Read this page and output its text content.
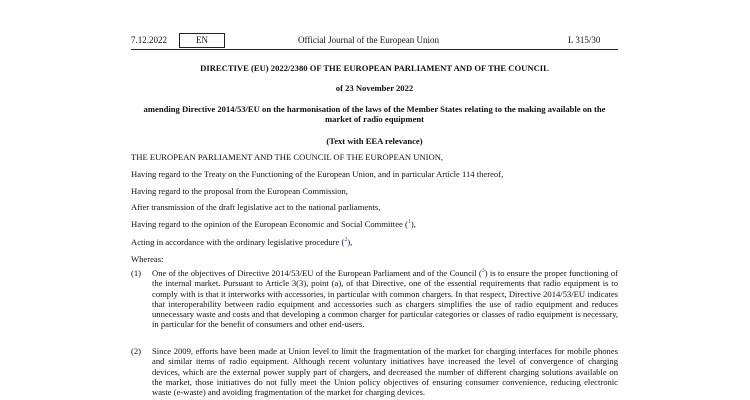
7.12.2022	EN	Official Journal of the European Union	L 315/30
DIRECTIVE (EU) 2022/2380 OF THE EUROPEAN PARLIAMENT AND OF THE COUNCIL
of 23 November 2022
amending Directive 2014/53/EU on the harmonisation of the laws of the Member States relating to the making available on the market of radio equipment
(Text with EEA relevance)
THE EUROPEAN PARLIAMENT AND THE COUNCIL OF THE EUROPEAN UNION,
Having regard to the Treaty on the Functioning of the European Union, and in particular Article 114 thereof,
Having regard to the proposal from the European Commission,
After transmission of the draft legislative act to the national parliaments,
Having regard to the opinion of the European Economic and Social Committee ($^1$),
Acting in accordance with the ordinary legislative procedure ($^2$),
Whereas:
(1) One of the objectives of Directive 2014/53/EU of the European Parliament and of the Council ($^3$) is to ensure the proper functioning of the internal market. Pursuant to Article 3(3), point (a), of that Directive, one of the essential requirements that radio equipment is to comply with is that it interworks with accessories, in particular with common chargers. In that respect, Directive 2014/53/EU indicates that interoperability between radio equipment and accessories such as chargers simplifies the use of radio equipment and reduces unnecessary waste and costs and that developing a common charger for particular categories or classes of radio equipment is necessary, in particular for the benefit of consumers and other end-users.
(2) Since 2009, efforts have been made at Union level to limit the fragmentation of the market for charging interfaces for mobile phones and similar items of radio equipment. Although recent voluntary initiatives have increased the level of convergence of charging devices, which are the external power supply part of chargers, and decreased the number of different charging solutions available on the market, those initiatives do not fully meet the Union policy objectives of ensuring consumer convenience, reducing electronic waste (e-waste) and avoiding fragmentation of the market for charging devices.
